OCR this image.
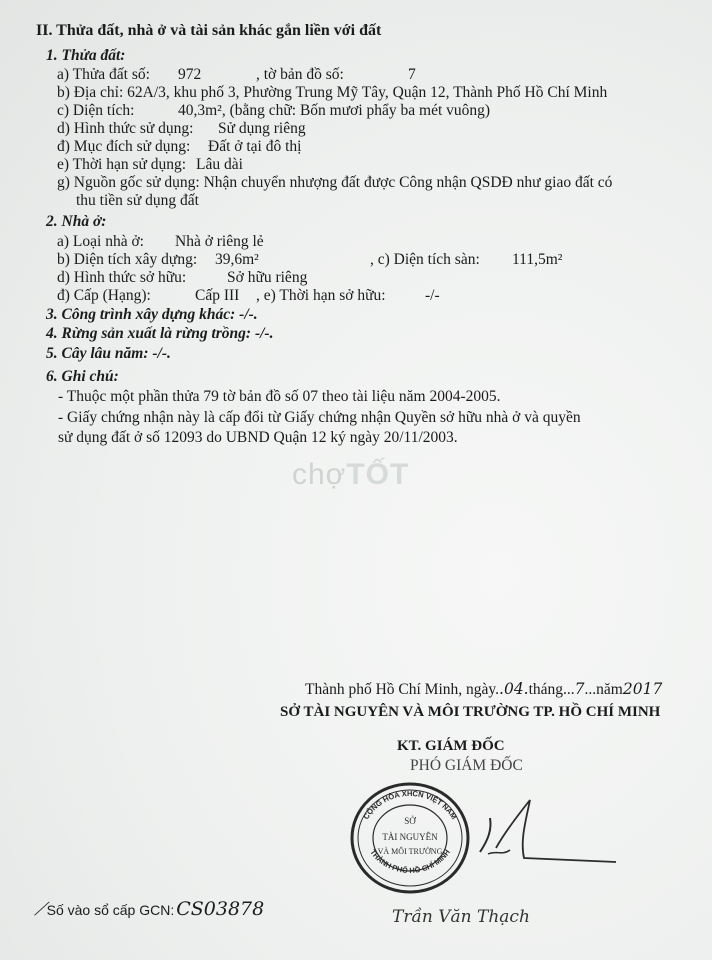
II. Thửa đất, nhà ở và tài sản khác gắn liền với đất
1. Thửa đất:
a) Thửa đất số: 972	, tờ bản đồ số:	7
b) Địa chỉ: 62A/3, khu phố 3, Phường Trung Mỹ Tây, Quận 12, Thành Phố Hồ Chí Minh
c) Diện tích:	40,3m², (bằng chữ: Bốn mươi phẩy ba mét vuông)
d) Hình thức sử dụng: Sử dụng riêng
đ) Mục đích sử dụng: Đất ở tại đô thị
e) Thời hạn sử dụng: Lâu dài
g) Nguồn gốc sử dụng: Nhận chuyển nhượng đất được Công nhận QSDĐ như giao đất có
thu tiền sử dụng đất
2. Nhà ở:
a) Loại nhà ở: Nhà ở riêng lẻ
b) Diện tích xây dựng: 39,6m²	, c) Diện tích sàn: 111,5m²
d) Hình thức sở hữu:	Sở hữu riêng
đ) Cấp (Hạng):	Cấp III , e) Thời hạn sở hữu:	-/-
3. Công trình xây dựng khác: -/-.
4. Rừng sản xuất là rừng trồng: -/-.
5. Cây lâu năm: -/-.
6. Ghi chú:
- Thuộc một phần thửa 79 tờ bản đồ số 07 theo tài liệu năm 2004-2005.
- Giấy chứng nhận này là cấp đổi từ Giấy chứng nhận Quyền sở hữu nhà ở và quyền
sử dụng đất ở số 12093 do UBND Quận 12 ký ngày 20/11/2003.
chợTỐT
Thành phố Hồ Chí Minh, ngày..04.tháng...7...năm2017
SỞ TÀI NGUYÊN VÀ MÔI TRƯỜNG TP. HỒ CHÍ MINH
KT. GIÁM ĐỐC
PHÓ GIÁM ĐỐC
CỘNG HÒA XHCN VIỆT NAM
THÀNH PHỐ HỒ CHÍ MINH
SỞ
TÀI NGUYÊN
VÀ MÔI TRƯỜNG
Trần Văn Thạch
⟋Số vào sổ cấp GCN: CS03878
